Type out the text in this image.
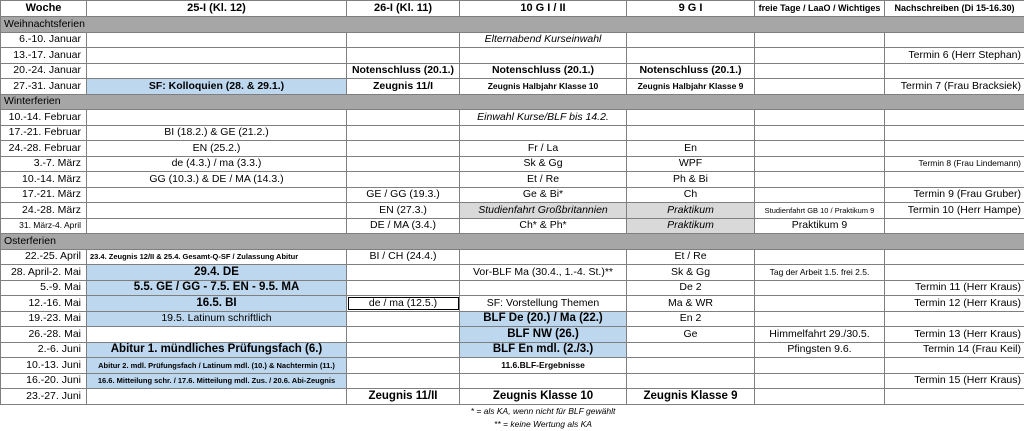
Woche	25-I (Kl. 12)	26-I (Kl. 11)	10 G I / II	9 G I	freie Tage / LaaO / Wichtiges	Nachschreiben (Di 15-16.30)
Weihnachtsferien						
6.-10. Januar			Elternabend Kurseinwahl			
13.-17. Januar						Termin 6 (Herr Stephan)
20.-24. Januar		Notenschluss (20.1.)	Notenschluss (20.1.)	Notenschluss (20.1.)		
27.-31. Januar	SF: Kolloquien (28. & 29.1.)	Zeugnis 11/I	Zeugnis Halbjahr Klasse 10	Zeugnis Halbjahr Klasse 9		Termin 7 (Frau Bracksiek)
Winterferien						
10.-14. Februar			Einwahl Kurse/BLF bis 14.2.			
17.-21. Februar	BI (18.2.) & GE (21.2.)					
24.-28. Februar	EN (25.2.)		Fr / La	En		
3.-7. März	de (4.3.) / ma (3.3.)		Sk & Gg	WPF		Termin 8 (Frau Lindemann)
10.-14. März	GG (10.3.) & DE / MA (14.3.)		Et / Re	Ph & Bi		
17.-21. März		GE / GG (19.3.)	Ge & Bi*	Ch		Termin 9 (Frau Gruber)
24.-28. März		EN (27.3.)	Studienfahrt Großbritannien	Praktikum	Studienfahrt GB 10 / Praktikum 9	Termin 10 (Herr Hampe)
31. März-4. April		DE / MA (3.4.)	Ch* & Ph*	Praktikum	Praktikum 9	
Osterferien						
22.-25. April	23.4. Zeugnis 12/II & 25.4. Gesamt-Q-SF / Zulassung Abitur	BI / CH (24.4.)		Et / Re		
28. April-2. Mai	29.4. DE		Vor-BLF Ma (30.4., 1.-4. St.)**	Sk & Gg	Tag der Arbeit 1.5. frei 2.5.	
5.-9. Mai	5.5. GE / GG - 7.5. EN - 9.5. MA			De 2		Termin 11 (Herr Kraus)
12.-16. Mai	16.5. BI	de / ma (12.5.)	SF: Vorstellung Themen	Ma & WR		Termin 12 (Herr Kraus)
19.-23. Mai	19.5. Latinum schriftlich		BLF De (20.) / Ma (22.)	En 2		
26.-28. Mai			BLF NW (26.)	Ge	Himmelfahrt 29./30.5.	Termin 13 (Herr Kraus)
2.-6. Juni	Abitur 1. mündliches Prüfungsfach (6.)		BLF En mdl. (2./3.)		Pfingsten 9.6.	Termin 14 (Frau Keil)
10.-13. Juni	Abitur 2. mdl. Prüfungsfach / Latinum mdl. (10.) & Nachtermin (11.)		11.6.BLF-Ergebnisse			
16.-20. Juni	16.6. Mitteilung schr. / 17.6. Mitteilung mdl. Zus. / 20.6. Abi-Zeugnis					Termin 15 (Herr Kraus)
23.-27. Juni		Zeugnis 11/II	Zeugnis Klasse 10	Zeugnis Klasse 9		
			* = als KA, wenn nicht für BLF gewählt			
			** = keine Wertung als KA			
